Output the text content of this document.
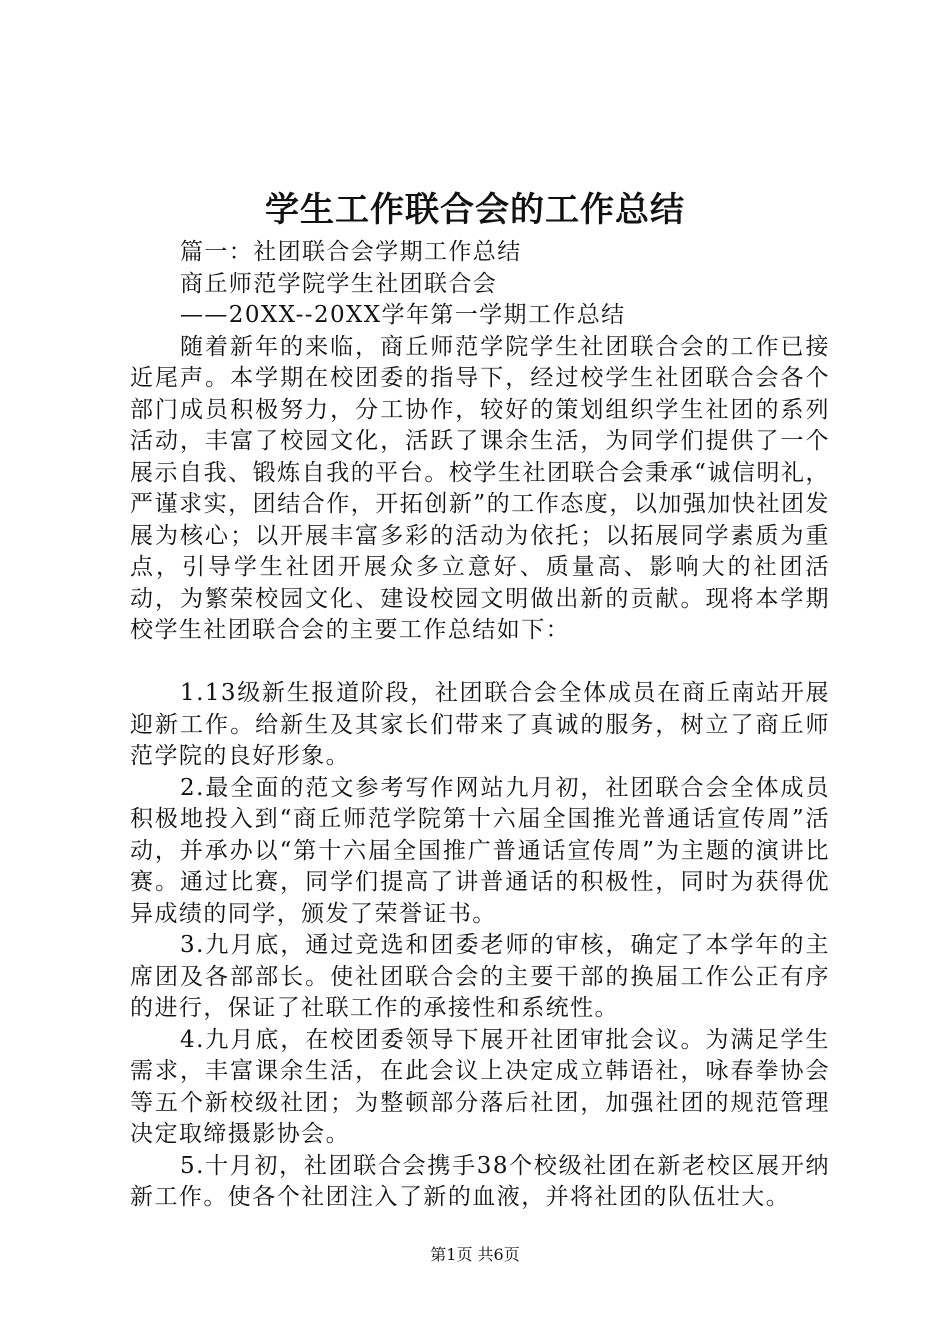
学生工作联合会的工作总结

篇一：社团联合会学期工作总结

商丘师范学院学生社团联合会

——20XX--20XX学年第一学期工作总结

随着新年的来临，商丘师范学院学生社团联合会的工作已接近尾声。本学期在校团委的指导下，经过校学生社团联合会各个部门成员积极努力，分工协作，较好的策划组织学生社团的系列活动，丰富了校园文化，活跃了课余生活，为同学们提供了一个展示自我、锻炼自我的平台。校学生社团联合会秉承“诚信明礼，严谨求实，团结合作，开拓创新”的工作态度，以加强加快社团发展为核心；以开展丰富多彩的活动为依托；以拓展同学素质为重点，引导学生社团开展众多立意好、质量高、影响大的社团活动，为繁荣校园文化、建设校园文明做出新的贡献。现将本学期校学生社团联合会的主要工作总结如下：

1.13级新生报道阶段，社团联合会全体成员在商丘南站开展迎新工作。给新生及其家长们带来了真诚的服务，树立了商丘师范学院的良好形象。

2.最全面的范文参考写作网站九月初，社团联合会全体成员积极地投入到“商丘师范学院第十六届全国推光普通话宣传周”活动，并承办以“第十六届全国推广普通话宣传周”为主题的演讲比赛。通过比赛，同学们提高了讲普通话的积极性，同时为获得优异成绩的同学，颁发了荣誉证书。

3.九月底，通过竞选和团委老师的审核，确定了本学年的主席团及各部部长。使社团联合会的主要干部的换届工作公正有序的进行，保证了社联工作的承接性和系统性。

4.九月底，在校团委领导下展开社团审批会议。为满足学生需求，丰富课余生活，在此会议上决定成立韩语社，咏春拳协会等五个新校级社团；为整顿部分落后社团，加强社团的规范管理决定取缔摄影协会。

5.十月初，社团联合会携手38个校级社团在新老校区展开纳新工作。使各个社团注入了新的血液，并将社团的队伍壮大。

第1页 共6页
